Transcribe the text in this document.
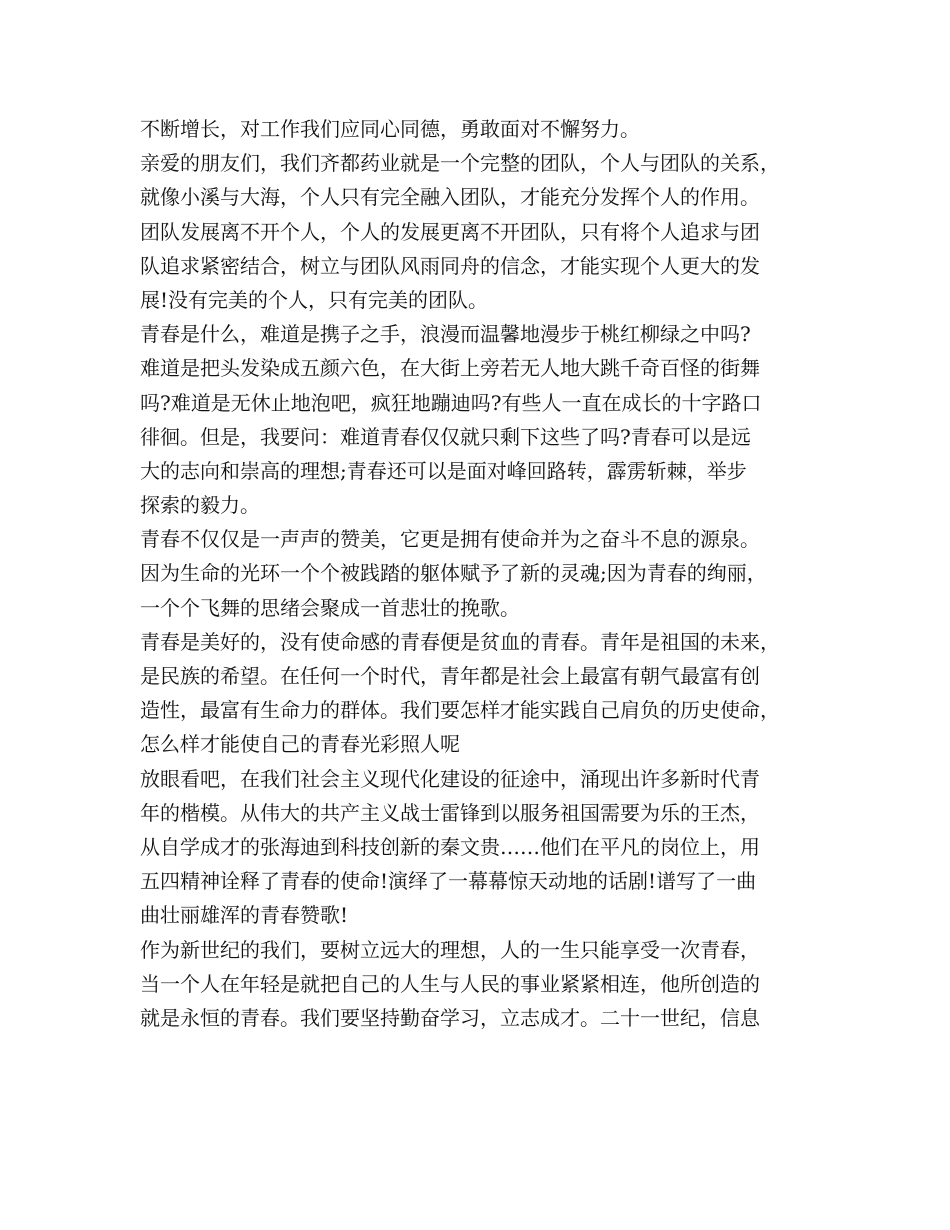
不断增长，对工作我们应同心同德，勇敢面对不懈努力。
亲爱的朋友们，我们齐都药业就是一个完整的团队，个人与团队的关系，
就像小溪与大海，个人只有完全融入团队，才能充分发挥个人的作用。
团队发展离不开个人，个人的发展更离不开团队，只有将个人追求与团
队追求紧密结合，树立与团队风雨同舟的信念，才能实现个人更大的发
展!没有完美的个人，只有完美的团队。
青春是什么，难道是携子之手，浪漫而温馨地漫步于桃红柳绿之中吗?
难道是把头发染成五颜六色，在大街上旁若无人地大跳千奇百怪的街舞
吗?难道是无休止地泡吧，疯狂地蹦迪吗?有些人一直在成长的十字路口
徘徊。但是，我要问：难道青春仅仅就只剩下这些了吗?青春可以是远
大的志向和崇高的理想;青春还可以是面对峰回路转，霹雳斩棘，举步
探索的毅力。
青春不仅仅是一声声的赞美，它更是拥有使命并为之奋斗不息的源泉。
因为生命的光环一个个被践踏的躯体赋予了新的灵魂;因为青春的绚丽，
一个个飞舞的思绪会聚成一首悲壮的挽歌。
青春是美好的，没有使命感的青春便是贫血的青春。青年是祖国的未来，
是民族的希望。在任何一个时代，青年都是社会上最富有朝气最富有创
造性，最富有生命力的群体。我们要怎样才能实践自己肩负的历史使命，
怎么样才能使自己的青春光彩照人呢
放眼看吧，在我们社会主义现代化建设的征途中，涌现出许多新时代青
年的楷模。从伟大的共产主义战士雷锋到以服务祖国需要为乐的王杰，
从自学成才的张海迪到科技创新的秦文贵……他们在平凡的岗位上，用
五四精神诠释了青春的使命!演绎了一幕幕惊天动地的话剧!谱写了一曲
曲壮丽雄浑的青春赞歌!
作为新世纪的我们，要树立远大的理想，人的一生只能享受一次青春，
当一个人在年轻是就把自己的人生与人民的事业紧紧相连，他所创造的
就是永恒的青春。我们要坚持勤奋学习，立志成才。二十一世纪，信息
